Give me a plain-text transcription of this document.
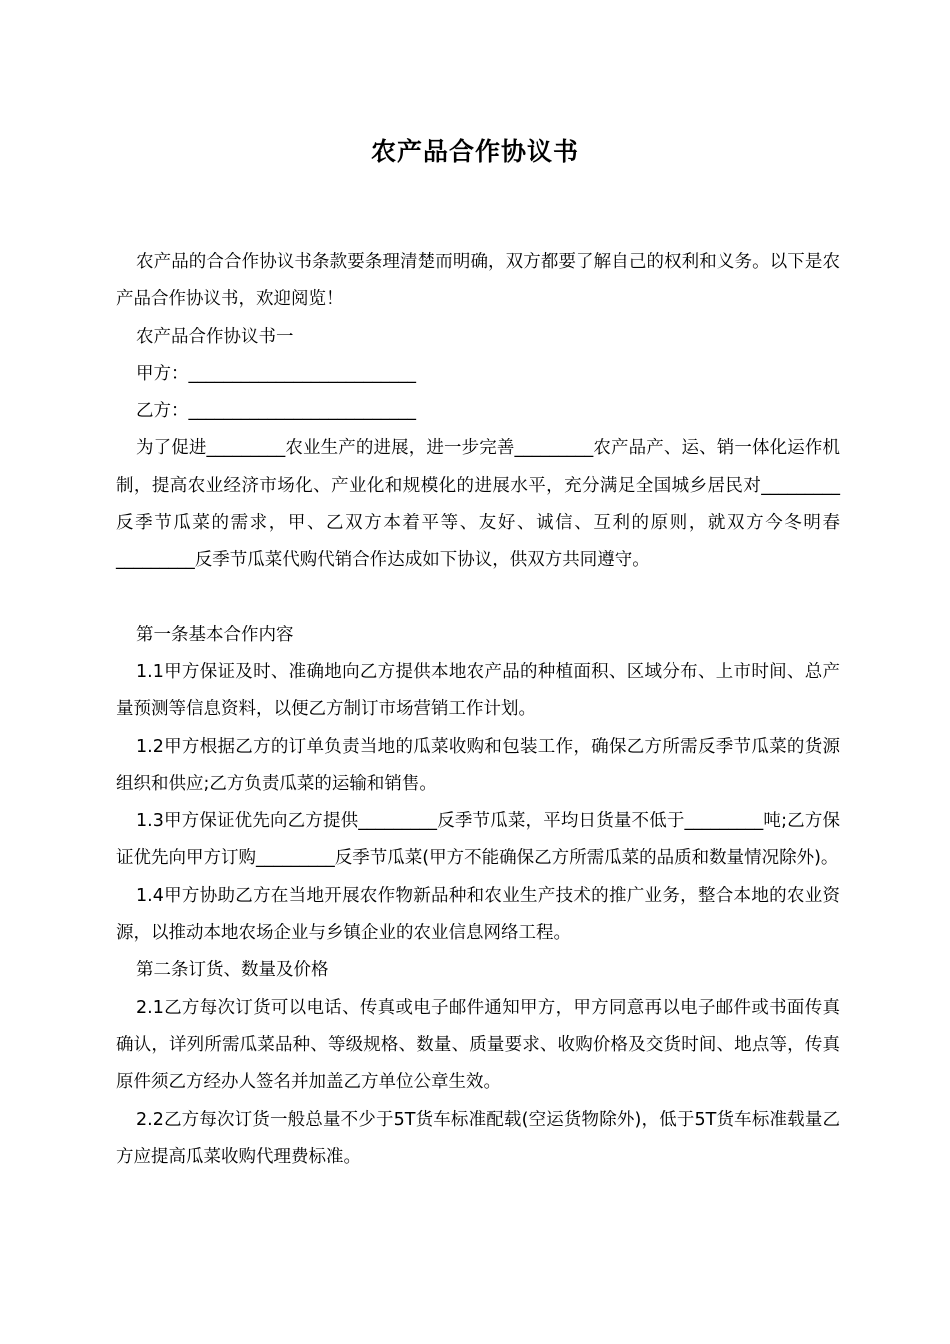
农产品合作协议书

农产品的合合作协议书条款要条理清楚而明确，双方都要了解自己的权利和义务。以下是农产品合作协议书，欢迎阅览！

农产品合作协议书一

甲方：__________________________

乙方：__________________________

为了促进_________农业生产的进展，进一步完善_________农产品产、运、销一体化运作机制，提高农业经济市场化、产业化和规模化的进展水平，充分满足全国城乡居民对_________反季节瓜菜的需求，甲、乙双方本着平等、友好、诚信、互利的原则，就双方今冬明春_________反季节瓜菜代购代销合作达成如下协议，供双方共同遵守。

第一条基本合作内容

1.1甲方保证及时、准确地向乙方提供本地农产品的种植面积、区域分布、上市时间、总产量预测等信息资料，以便乙方制订市场营销工作计划。

1.2甲方根据乙方的订单负责当地的瓜菜收购和包装工作，确保乙方所需反季节瓜菜的货源组织和供应;乙方负责瓜菜的运输和销售。

1.3甲方保证优先向乙方提供_________反季节瓜菜，平均日货量不低于_________吨;乙方保证优先向甲方订购_________反季节瓜菜(甲方不能确保乙方所需瓜菜的品质和数量情况除外)。

1.4甲方协助乙方在当地开展农作物新品种和农业生产技术的推广业务，整合本地的农业资源，以推动本地农场企业与乡镇企业的农业信息网络工程。

第二条订货、数量及价格

2.1乙方每次订货可以电话、传真或电子邮件通知甲方，甲方同意再以电子邮件或书面传真确认，详列所需瓜菜品种、等级规格、数量、质量要求、收购价格及交货时间、地点等，传真原件须乙方经办人签名并加盖乙方单位公章生效。

2.2乙方每次订货一般总量不少于5T货车标准配载(空运货物除外)，低于5T货车标准载量乙方应提高瓜菜收购代理费标准。
